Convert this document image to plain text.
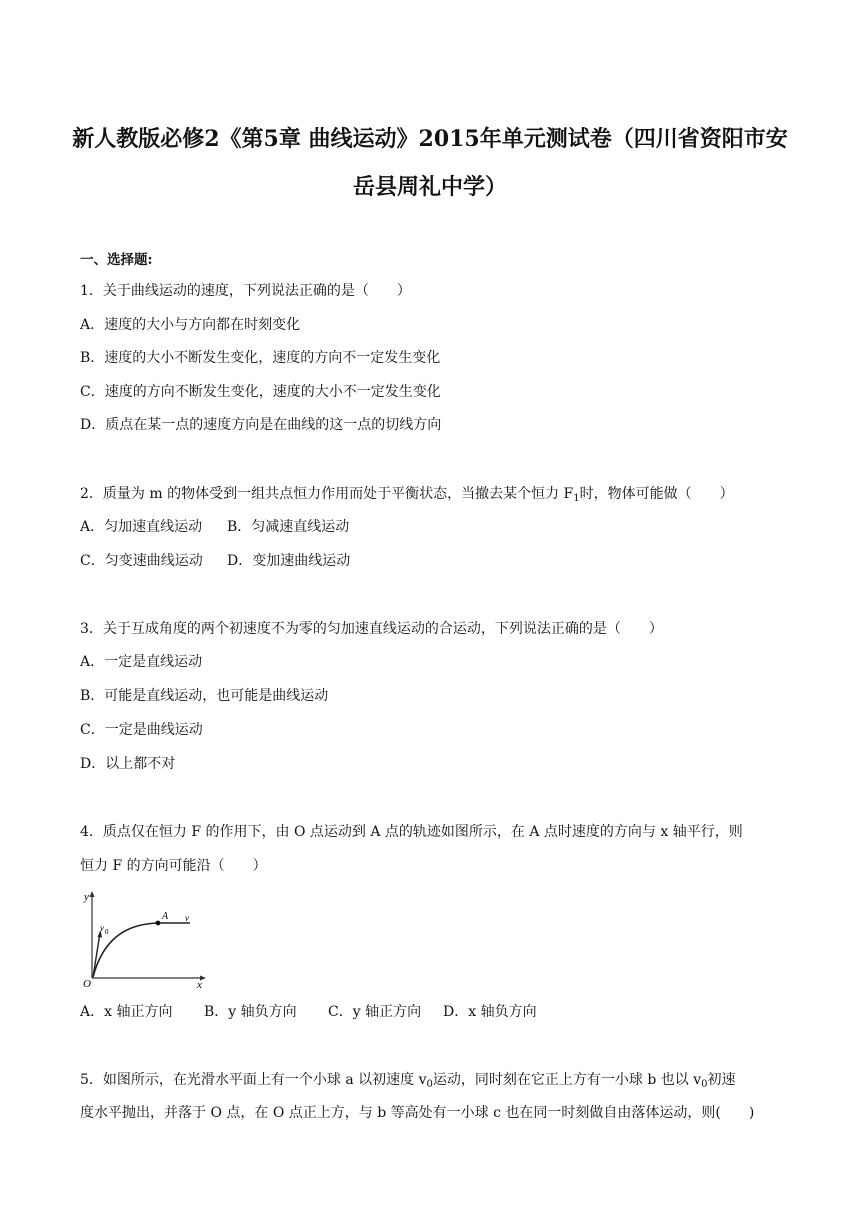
新人教版必修2《第5章 曲线运动》2015年单元测试卷（四川省资阳市安
岳县周礼中学）
一、选择题:
1．关于曲线运动的速度，下列说法正确的是（　　）
A．速度的大小与方向都在时刻变化
B．速度的大小不断发生变化，速度的方向不一定发生变化
C．速度的方向不断发生变化，速度的大小不一定发生变化
D．质点在某一点的速度方向是在曲线的这一点的切线方向
2．质量为 m 的物体受到一组共点恒力作用而处于平衡状态，当撤去某个恒力 $F_1$时，物体可能做（　　）
A．匀加速直线运动 B．匀减速直线运动
C．匀变速曲线运动 D．变加速曲线运动
3．关于互成角度的两个初速度不为零的匀加速直线运动的合运动，下列说法正确的是（　　）
A．一定是直线运动
B．可能是直线运动，也可能是曲线运动
C．一定是曲线运动
D．以上都不对
4．质点仅在恒力 F 的作用下，由 O 点运动到 A 点的轨迹如图所示，在 A 点时速度的方向与 x 轴平行，则
恒力 F 的方向可能沿（　　）
y
x
O
v 0
A v
A．x 轴正方向 B．y 轴负方向 C．y 轴正方向 D．x 轴负方向
5．如图所示，在光滑水平面上有一个小球 a 以初速度 $v_0$运动，同时刻在它正上方有一小球 b 也以 $v_0$初速
度水平抛出，并落于 O 点，在 O 点正上方，与 b 等高处有一小球 c 也在同一时刻做自由落体运动，则(　　)
